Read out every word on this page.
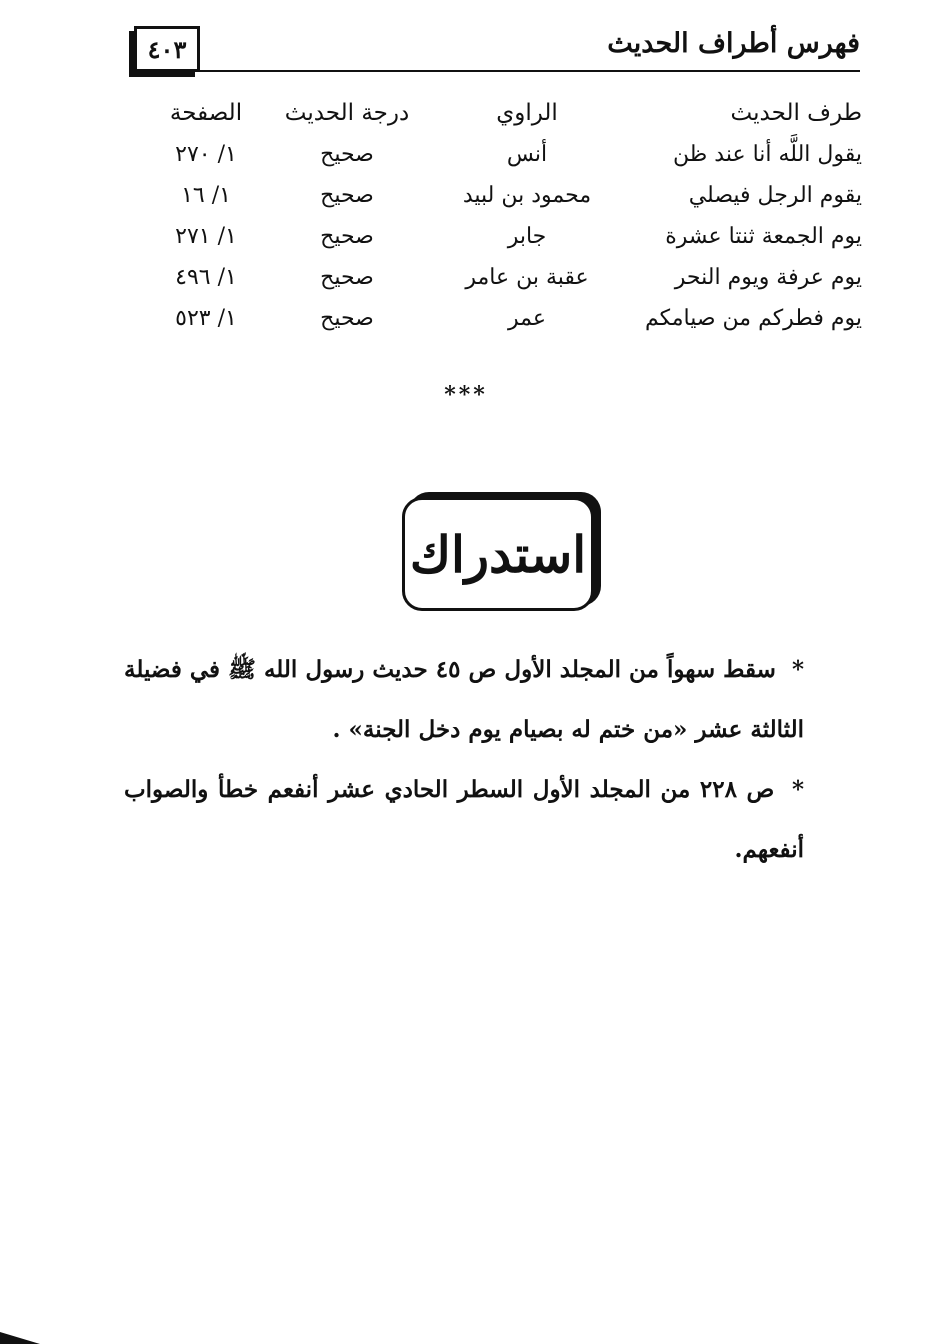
فهرس أطراف الحديث
٤٠٣
طرف الحديث	الراوي	درجة الحديث	الصفحة
يقول اللَّه أنا عند ظن	أنس	صحيح	١/ ٢٧٠
يقوم الرجل فيصلي	محمود بن لبيد	صحيح	١/ ١٦
يوم الجمعة ثنتا عشرة	جابر	صحيح	١/ ٢٧١
يوم عرفة ويوم النحر	عقبة بن عامر	صحيح	١/ ٤٩٦
يوم فطركم من صيامكم	عمر	صحيح	١/ ٥٢٣
***
استدراك
* سقط سهواً من المجلد الأول ص ٤٥ حديث رسول الله ﷺ في فضيلة الثالثة عشر «من ختم له بصيام يوم دخل الجنة» .
* ص ٢٢٨ من المجلد الأول السطر الحادي عشر أنفعم خطأ والصواب أنفعهم.
